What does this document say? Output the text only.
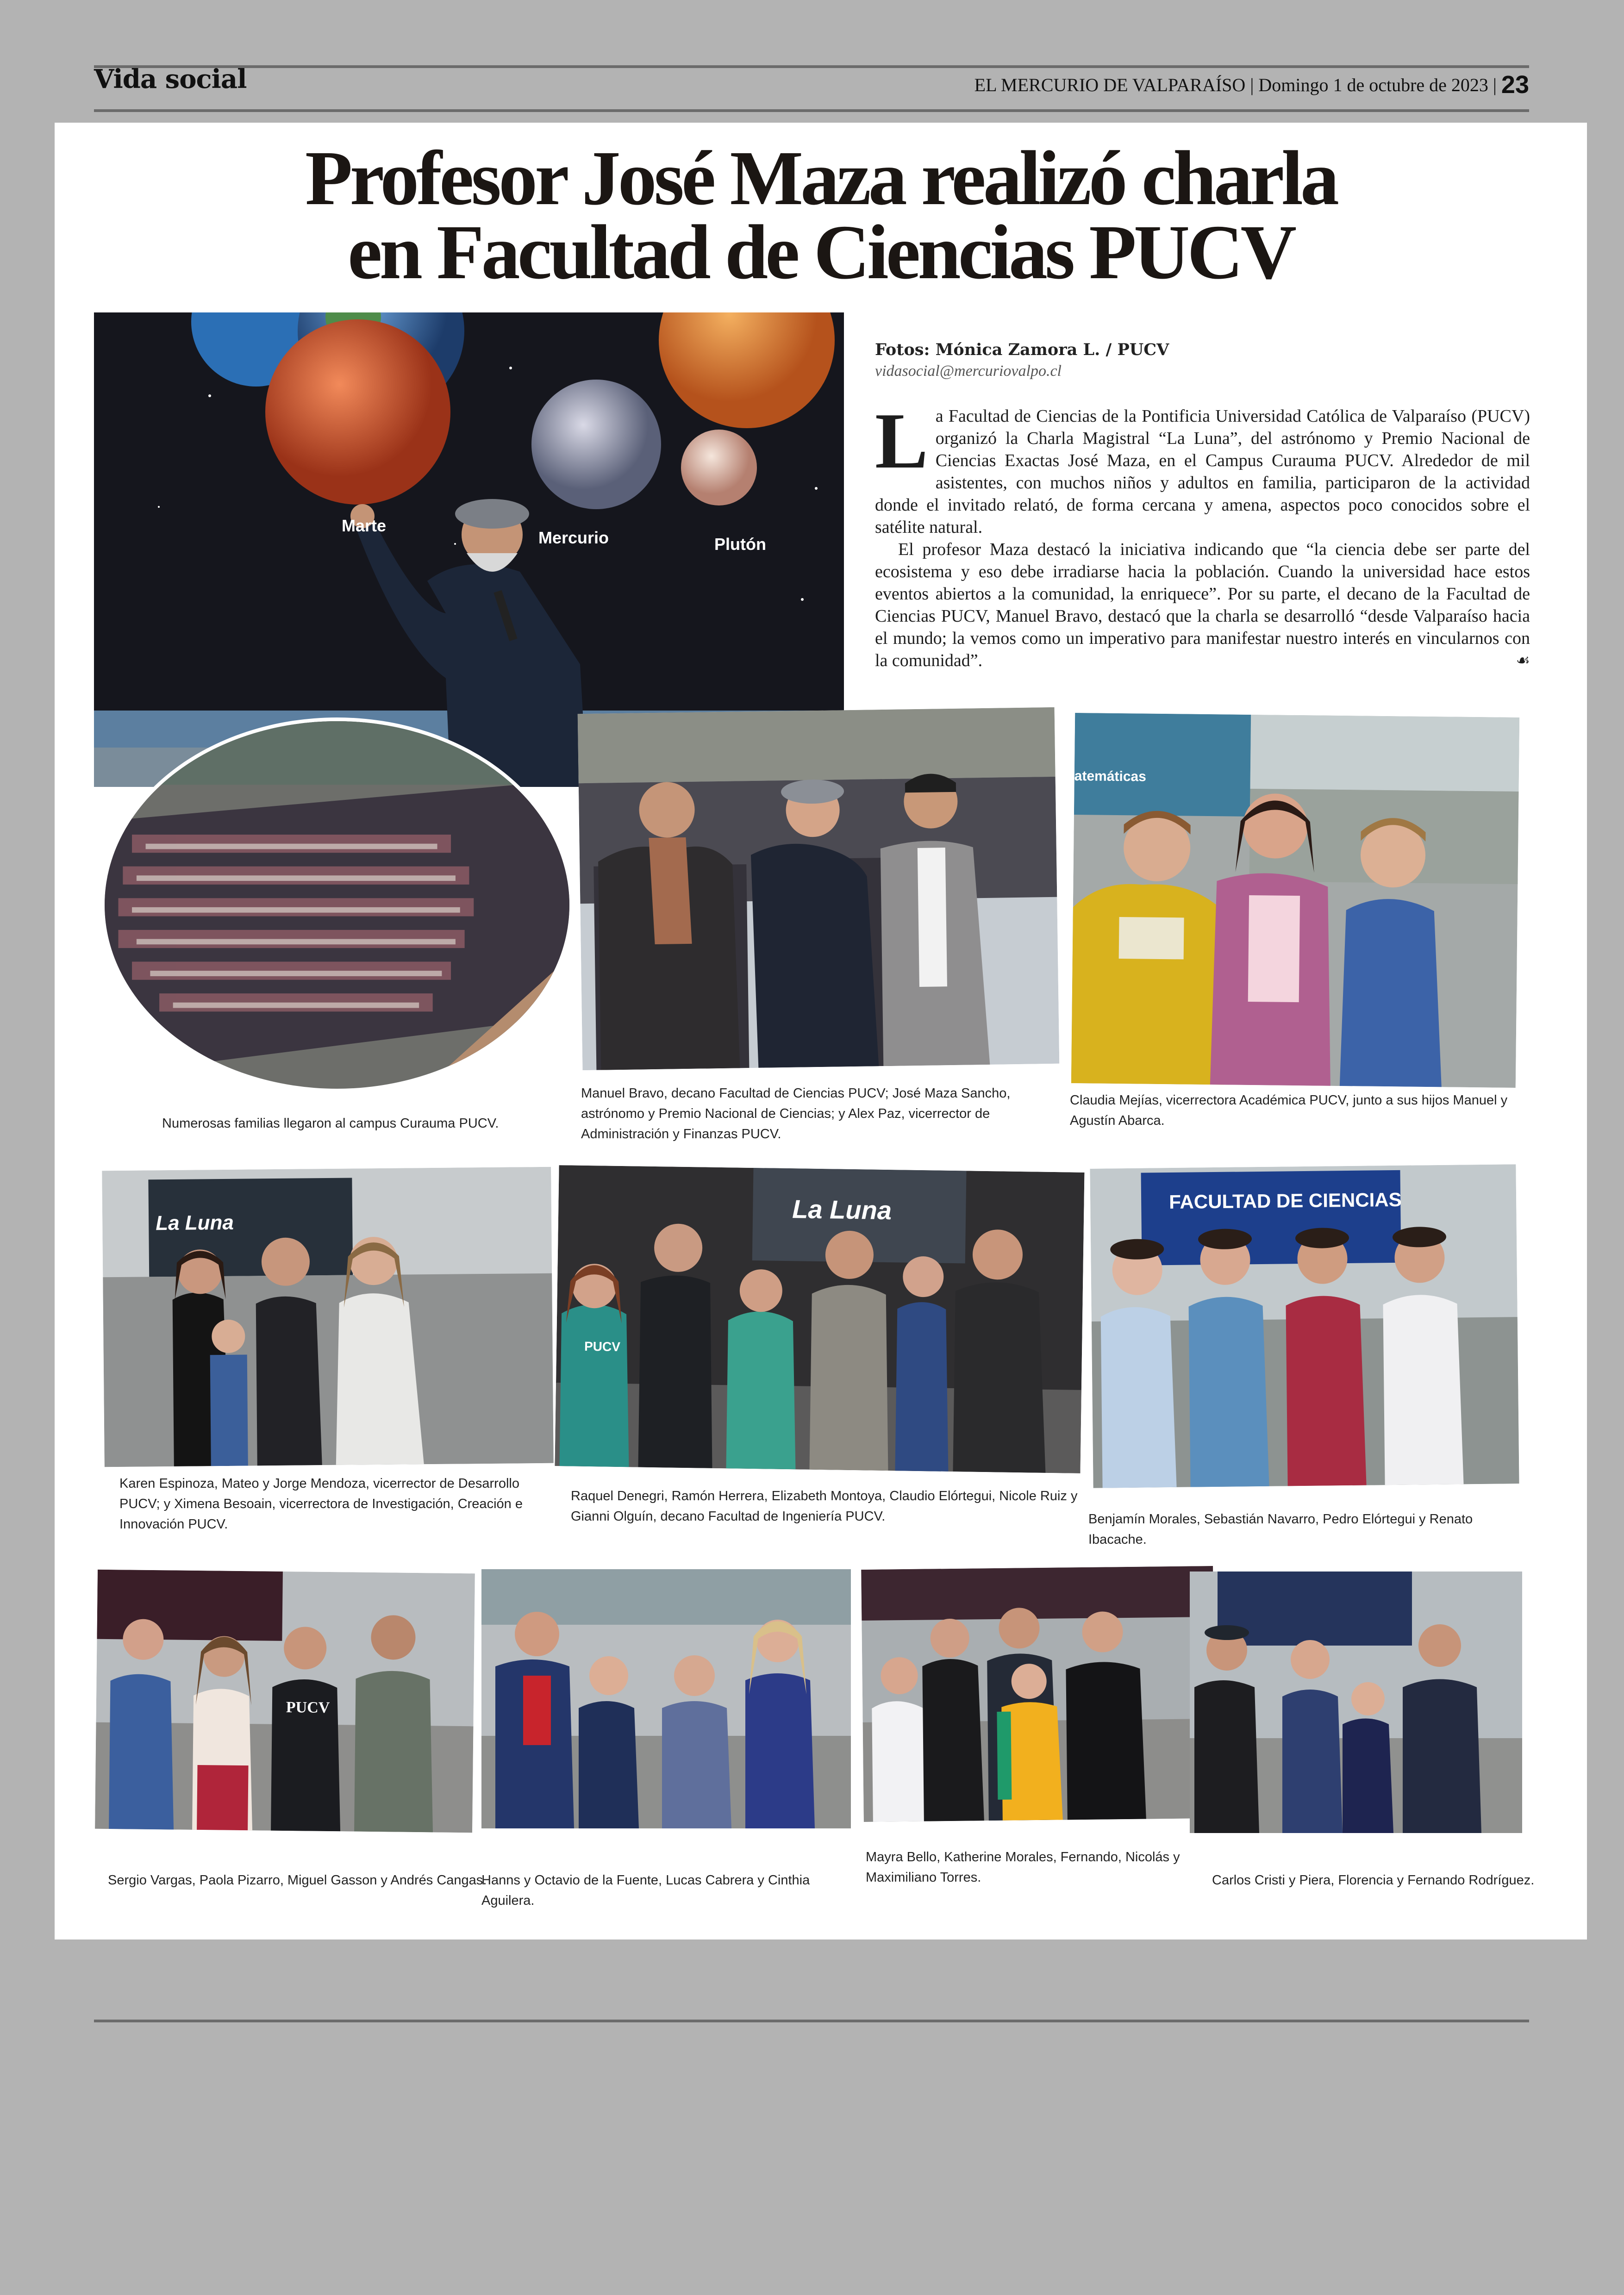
Vida social	EL MERCURIO DE VALPARAÍSO | Domingo 1 de octubre de 2023 | 23
Profesor José Maza realizó charla
en Facultad de Ciencias PUCV
Marte
Mercurio	Plutón
Fotos: Mónica Zamora L. / PUCV
vidasocial@mercuriovalpo.cl

La Facultad de Ciencias de la Pontificia Universidad Católica de Valparaíso (PUCV) organizó la Charla Magistral “La Luna”, del astrónomo y Premio Nacional de Ciencias Exactas José Maza, en el Campus Curauma PUCV. Alrededor de mil asistentes, con muchos niños y adultos en familia, participaron de la actividad donde el invitado relató, de forma cercana y amena, aspectos poco conocidos sobre el satélite natural.

El profesor Maza destacó la iniciativa indicando que “la ciencia debe ser parte del ecosistema y eso debe irradiarse hacia la población. Cuando la universidad hace estos eventos abiertos a la comunidad, la enriquece”. Por su parte, el decano de la Facultad de Ciencias PUCV, Manuel Bravo, destacó que la charla se desarrolló “desde Valparaíso hacia el mundo; la vemos como un imperativo para manifestar nuestro interés en vincularnos con la comunidad”.	☙

Numerosas familias llegaron al campus Curauma PUCV.
Manuel Bravo, decano Facultad de Ciencias PUCV; José Maza Sancho, astrónomo y Premio Nacional de Ciencias; y Alex Paz, vicerrector de Administración y Finanzas PUCV.
atemáticas
Claudia Mejías, vicerrectora Académica PUCV, junto a sus hijos Manuel y Agustín Abarca.
La Luna
Karen Espinoza, Mateo y Jorge Mendoza, vicerrector de Desarrollo PUCV; y Ximena Besoain, vicerrectora de Investigación, Creación e Innovación PUCV.
La Luna
PUCV
Raquel Denegri, Ramón Herrera, Elizabeth Montoya, Claudio Elórtegui, Nicole Ruiz y Gianni Olguín, decano Facultad de Ingeniería PUCV.
FACULTAD DE CIENCIAS
Benjamín Morales, Sebastián Navarro, Pedro Elórtegui y Renato Ibacache.
PUCV
Sergio Vargas, Paola Pizarro, Miguel Gasson y Andrés Cangas.
Hanns y Octavio de la Fuente, Lucas Cabrera y Cinthia Aguilera.
Mayra Bello, Katherine Morales, Fernando, Nicolás y Maximiliano Torres.	Carlos Cristi y Piera, Florencia y Fernando Rodríguez.
